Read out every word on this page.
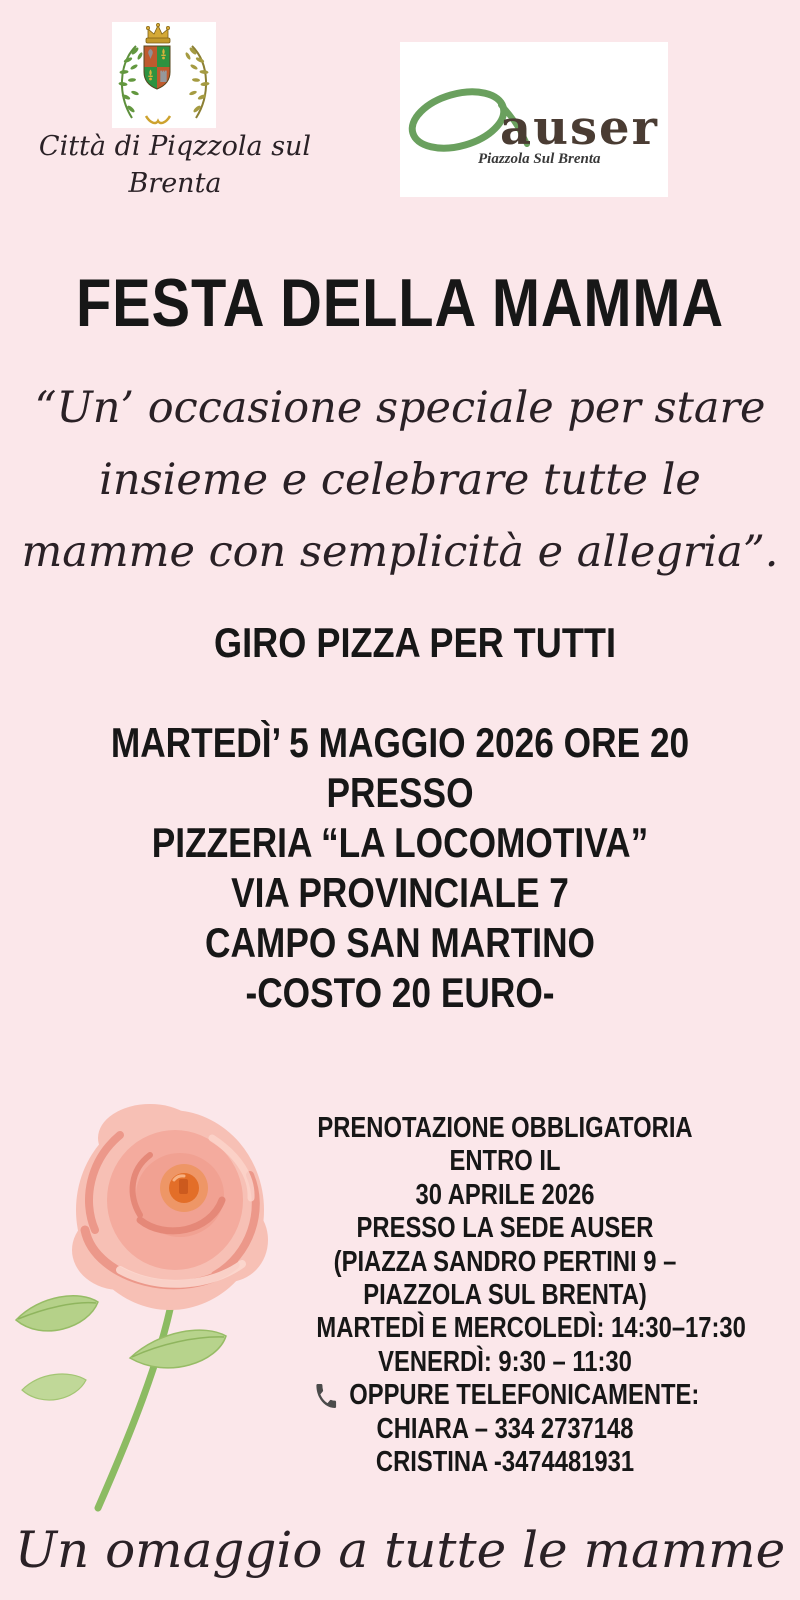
Città di Piqzzola sul
Brenta
auser
Piazzola Sul Brenta
FESTA DELLA MAMMA
“Un’ occasione speciale per stare
insieme e celebrare tutte le
mamme con semplicità e allegria”.
GIRO PIZZA PER TUTTI
MARTEDÌ’ 5 MAGGIO 2026 ORE 20
PRESSO
PIZZERIA “LA LOCOMOTIVA”
VIA PROVINCIALE 7
CAMPO SAN MARTINO
-COSTO 20 EURO-
PRENOTAZIONE OBBLIGATORIA
ENTRO IL
30 APRILE 2026
PRESSO LA SEDE AUSER
(PIAZZA SANDRO PERTINI 9 –
PIAZZOLA SUL BRENTA)
MARTEDÌ E MERCOLEDÌ: 14:30–17:30
VENERDÌ: 9:30 – 11:30
OPPURE TELEFONICAMENTE:
CHIARA – 334 2737148
CRISTINA -3474481931
Un omaggio a tutte le mamme
